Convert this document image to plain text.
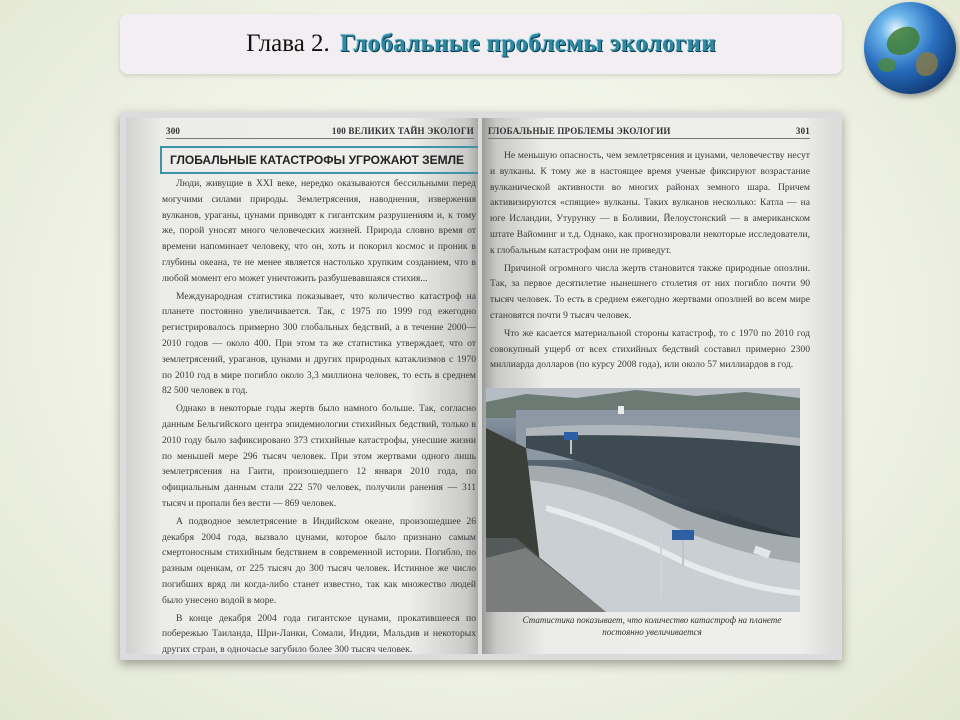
Глава 2. Глобальные проблемы экологии
300	100 ВЕЛИКИХ ТАЙН ЭКОЛОГИ
ГЛОБАЛЬНЫЕ КАТАСТРОФЫ УГРОЖАЮТ ЗЕМЛЕ

Люди, живущие в XXI веке, нередко оказываются бессильными перед могучими силами природы. Землетрясения, наводнения, извержения вулканов, ураганы, цунами приводят к гигантским разрушениям и, к тому же, порой уносят много человеческих жизней. Природа словно время от времени напоминает человеку, что он, хоть и покорил космос и проник в глубины океана, те не менее является настолько хрупким созданием, что в любой момент его может уничтожить разбушевавшаяся стихия...

Международная статистика показывает, что количество катастроф на планете постоянно увеличивается. Так, с 1975 по 1999 год ежегодно регистрировалось примерно 300 глобальных бедствий, а в течение 2000—2010 годов — около 400. При этом та же статистика утверждает, что от землетрясений, ураганов, цунами и других природных катаклизмов с 1970 по 2010 год в мире погибло около 3,3 миллиона человек, то есть в среднем 82 500 человек в год.

Однако в некоторые годы жертв было намного больше. Так, согласно данным Бельгийского центра эпидемиологии стихийных бедствий, только в 2010 году было зафиксировано 373 стихийные катастрофы, унесшие жизни по меньшей мере 296 тысяч человек. При этом жертвами одного лишь землетрясения на Гаити, произошедшего 12 января 2010 года, по официальным данным стали 222 570 человек, получили ранения — 311 тысяч и пропали без вести — 869 человек.

А подводное землетрясение в Индийском океане, произошедшее 26 декабря 2004 года, вызвало цунами, которое было признано самым смертоносным стихийным бедствием в современной истории. Погибло, по разным оценкам, от 225 тысяч до 300 тысяч человек. Истинное же число погибших вряд ли когда-либо станет известно, так как множество людей было унесено водой в море.

В конце декабря 2004 года гигантское цунами, прокатившееся по побережью Таиланда, Шри-Ланки, Сомали, Индии, Мальдив и некоторых других стран, в одночасье загубило более 300 тысяч человек.

ГЛОБАЛЬНЫЕ ПРОБЛЕМЫ ЭКОЛОГИИ	301

Не меньшую опасность, чем землетрясения и цунами, человечеству несут и вулканы. К тому же в настоящее время ученые фиксируют возрастание вулканической активности во многих районах земного шара. Причем активизируются «спящие» вулканы. Таких вулканов несколько: Катла — на юге Исландии, Утурунку — в Боливии, Йелоустонский — в американском штате Вайоминг и т.д. Однако, как прогнозировали некоторые исследователи, к глобальным катастрофам они не приведут.

Причиной огромного числа жертв становится также природные опозлни. Так, за первое десятилетие нынешнего столетия от них погибло почти 90 тысяч человек. То есть в среднем ежегодно жертвами опозлней во всем мире становятся почти 9 тысяч человек.

Что же касается материальной стороны катастроф, то с 1970 по 2010 год совокупный ущерб от всех стихийных бедствий составил примерно 2300 миллиарда долларов (по курсу 2008 года), или около 57 миллиардов в год.

Статистика показывает, что количество катастроф на планете постоянно увеличивается
